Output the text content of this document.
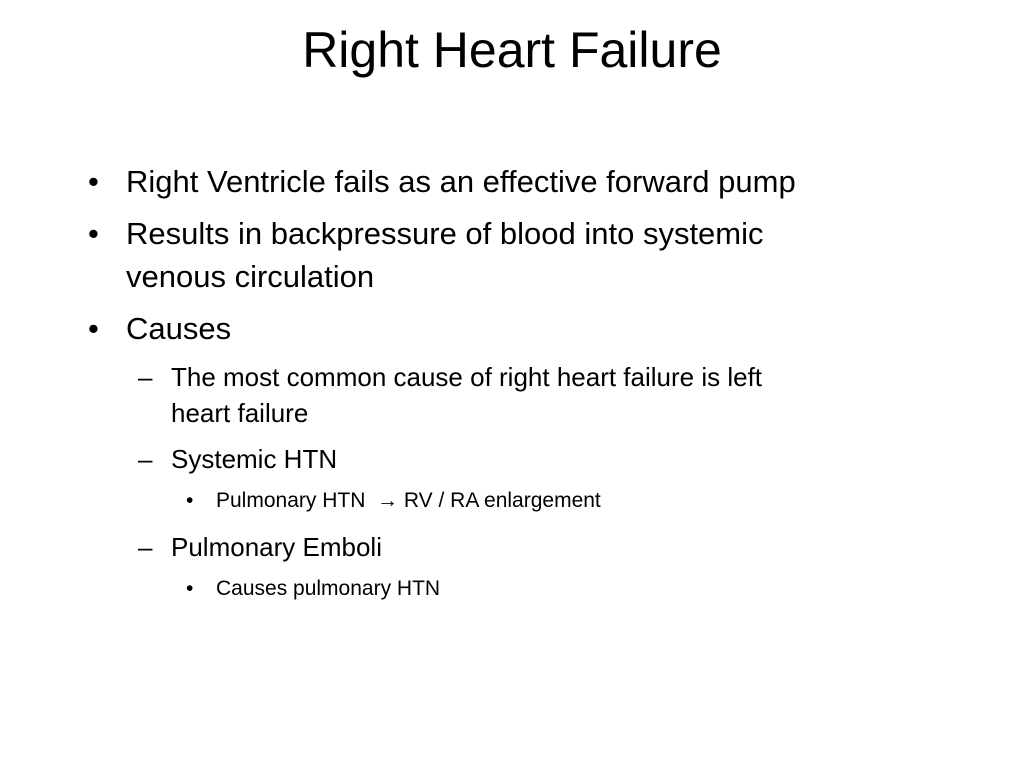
Right Heart Failure
• Right Ventricle fails as an effective forward pump
• Results in backpressure of blood into systemic
venous circulation
• Causes
– The most common cause of right heart failure is left
heart failure
– Systemic HTN
• Pulmonary HTN  → RV / RA enlargement
– Pulmonary Emboli
• Causes pulmonary HTN
